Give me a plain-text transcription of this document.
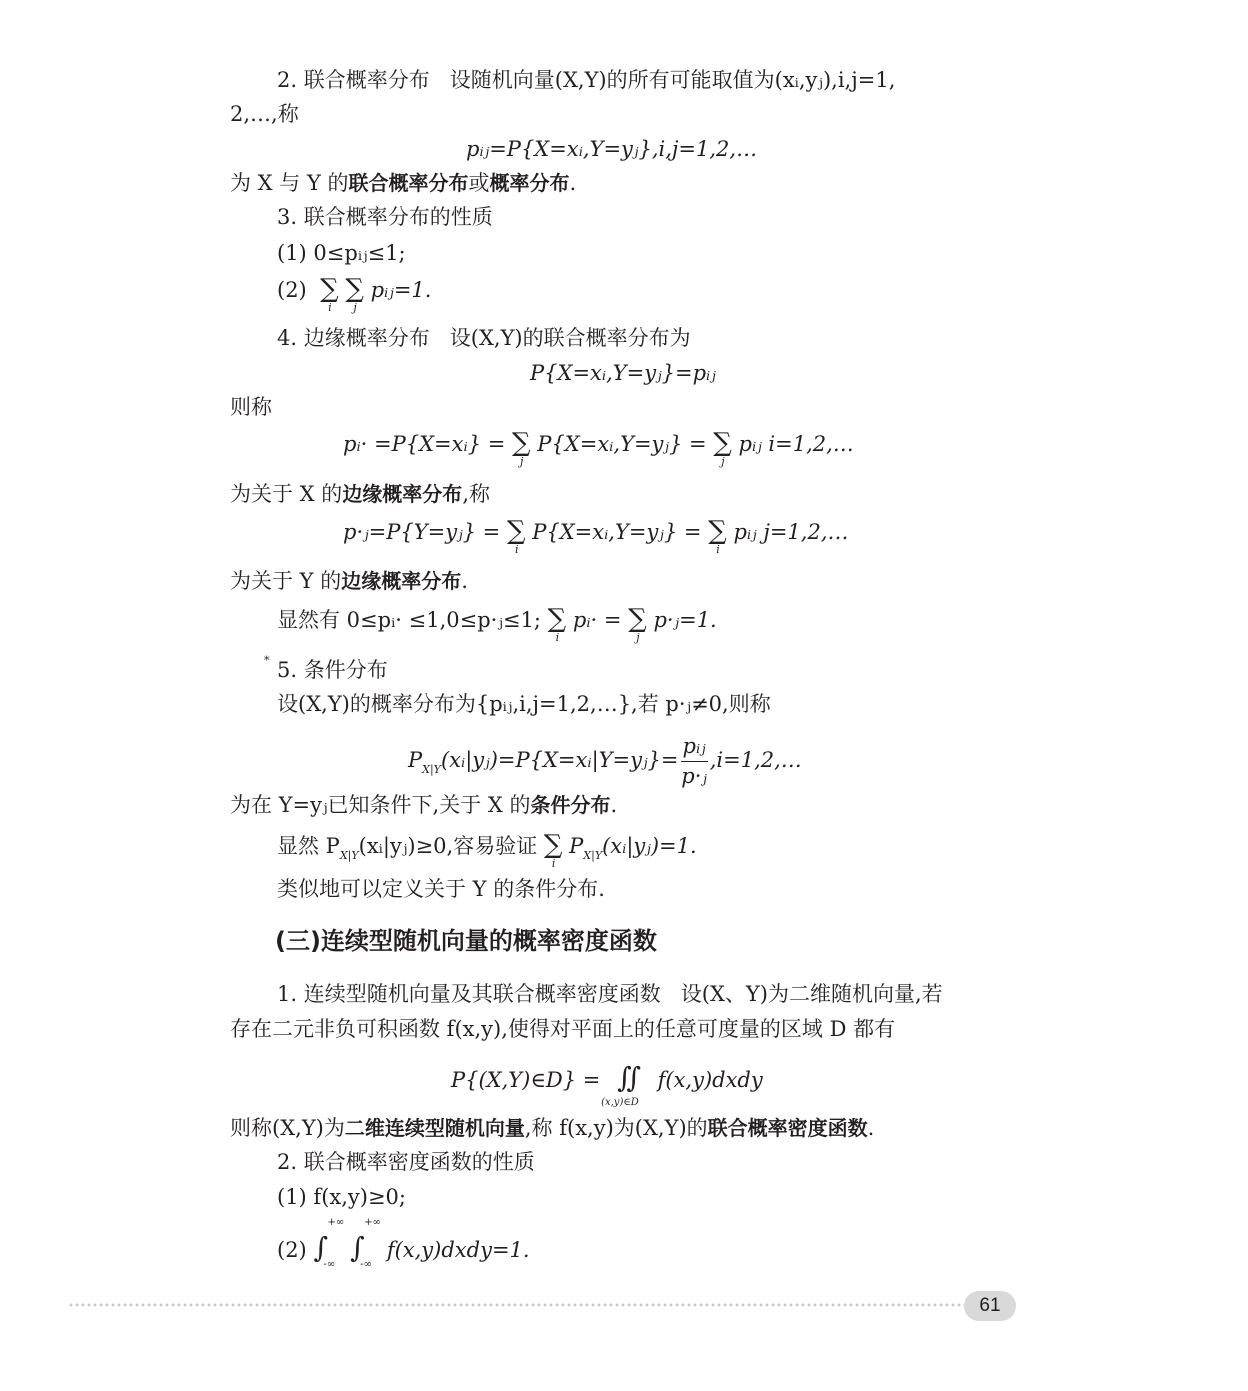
2. 联合概率分布 设随机向量(X,Y)的所有可能取值为(xᵢ,yⱼ),i,j=1,
2,…,称
pᵢⱼ=P{X=xᵢ,Y=yⱼ},i,j=1,2,…
为 X 与 Y 的联合概率分布或概率分布.
3. 联合概率分布的性质
(1) 0≤pᵢⱼ≤1;
(2) ∑
i
∑
j
pᵢⱼ=1.
4. 边缘概率分布 设(X,Y)的联合概率分布为
P{X=xᵢ,Y=yⱼ}=pᵢⱼ
则称
pᵢ· =P{X=xᵢ} = ∑
j
P{X=xᵢ,Y=yⱼ} = ∑
j
pᵢⱼ i=1,2,…
为关于 X 的边缘概率分布,称
p·ⱼ=P{Y=yⱼ} = ∑
i
P{X=xᵢ,Y=yⱼ} = ∑
i
pᵢⱼ j=1,2,…
为关于 Y 的边缘概率分布.
显然有 0≤pᵢ· ≤1,0≤p·ⱼ≤1; ∑
i
pᵢ· = ∑
j
p·ⱼ=1.
* 5. 条件分布
设(X,Y)的概率分布为{pᵢⱼ,i,j=1,2,…},若 p·ⱼ≠0,则称
$P_{X|Y}(xᵢ|yⱼ)=P\{X=xᵢ|Y=yⱼ\}= \frac{\text{pᵢⱼ}}{\text{p·ⱼ}}$ ,i=1,2,…
为在 Y=yⱼ已知条件下,关于 X 的条件分布.
显然 $P_{X|Y}(xᵢ|yⱼ)\ge 0$,容易验证 ∑
i
$P_{X|Y}(xᵢ|yⱼ)=1$.
类似地可以定义关于 Y 的条件分布.
(三)连续型随机向量的概率密度函数
1. 连续型随机向量及其联合概率密度函数 设(X、Y)为二维随机向量,若
存在二元非负可积函数 f(x,y),使得对平面上的任意可度量的区域 D 都有
P{(X,Y)∈D} = ∬
(x,y)∈D
f(x,y)dxdy
则称(X,Y)为二维连续型随机向量,称 f(x,y)为(X,Y)的联合概率密度函数.
2. 联合概率密度函数的性质
(1) f(x,y)≥0;
(2) ∫
+∞
-∞
∫
+∞
-∞
f(x,y)dxdy=1.
61
